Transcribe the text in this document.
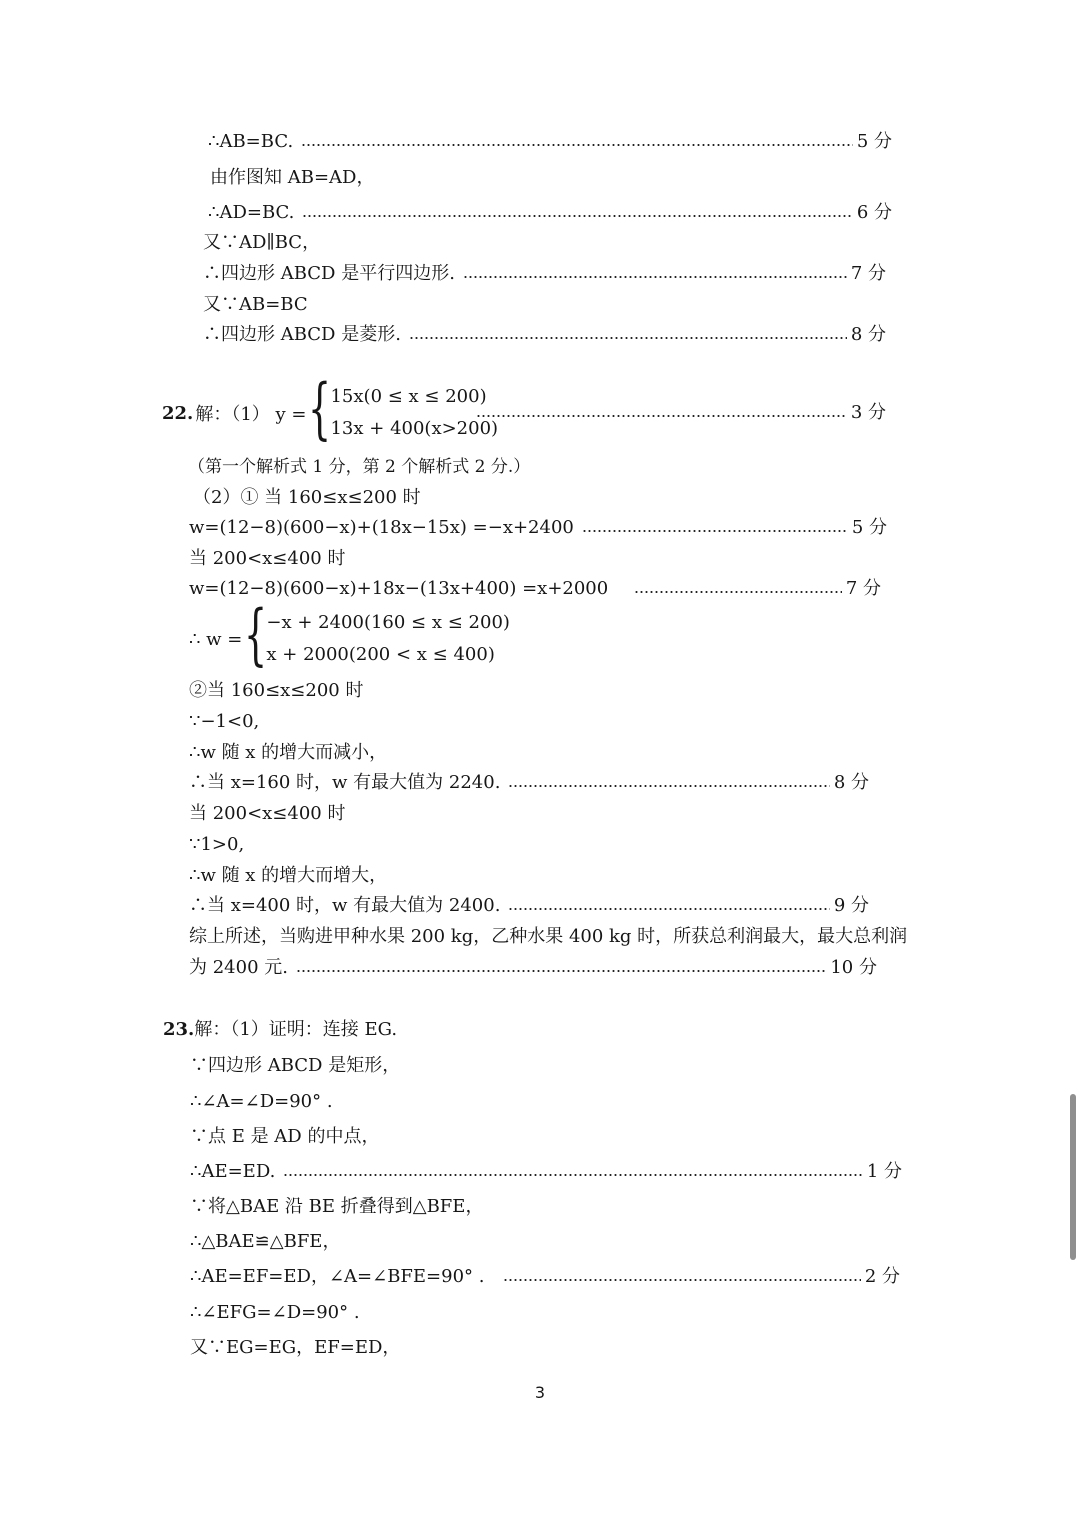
∴AB=BC.	5 分
由作图知 AB=AD，
∴AD=BC.	6 分
又∵AD∥BC，
∴四边形 ABCD 是平行四边形.	7 分
又∵AB=BC
∴四边形 ABCD 是菱形.	8 分
22. 解：（1） y = {
15x(0 ≤ x ≤ 200)
13x + 400(x>200)
3 分
（第一个解析式 1 分，第 2 个解析式 2 分.）
（2）① 当 160≤x≤200 时
w=(12−8)(600−x)+(18x−15x) =−x+2400	5 分
当 200<x≤400 时
w=(12−8)(600−x)+18x−(13x+400) =x+2000	7 分
∴ w = {
−x + 2400(160 ≤ x ≤ 200)
x + 2000(200 < x ≤ 400)
②当 160≤x≤200 时
∵−1<0,
∴w 随 x 的增大而减小，
∴当 x=160 时，w 有最大值为 2240.	8 分
当 200<x≤400 时
∵1>0,
∴w 随 x 的增大而增大，
∴当 x=400 时，w 有最大值为 2400.	9 分
综上所述，当购进甲种水果 200 kg，乙种水果 400 kg 时，所获总利润最大，最大总利润
为 2400 元.	10 分
23. 解：（1）证明：连接 EG.
∵四边形 ABCD 是矩形，
∴∠A=∠D=90° .
∵点 E 是 AD 的中点，
∴AE=ED.	1 分
∵将△BAE 沿 BE 折叠得到△BFE，
∴△BAE≌△BFE，
∴AE=EF=ED，∠A=∠BFE=90° .	2 分
∴∠EFG=∠D=90° .
又∵EG=EG，EF=ED，
3
